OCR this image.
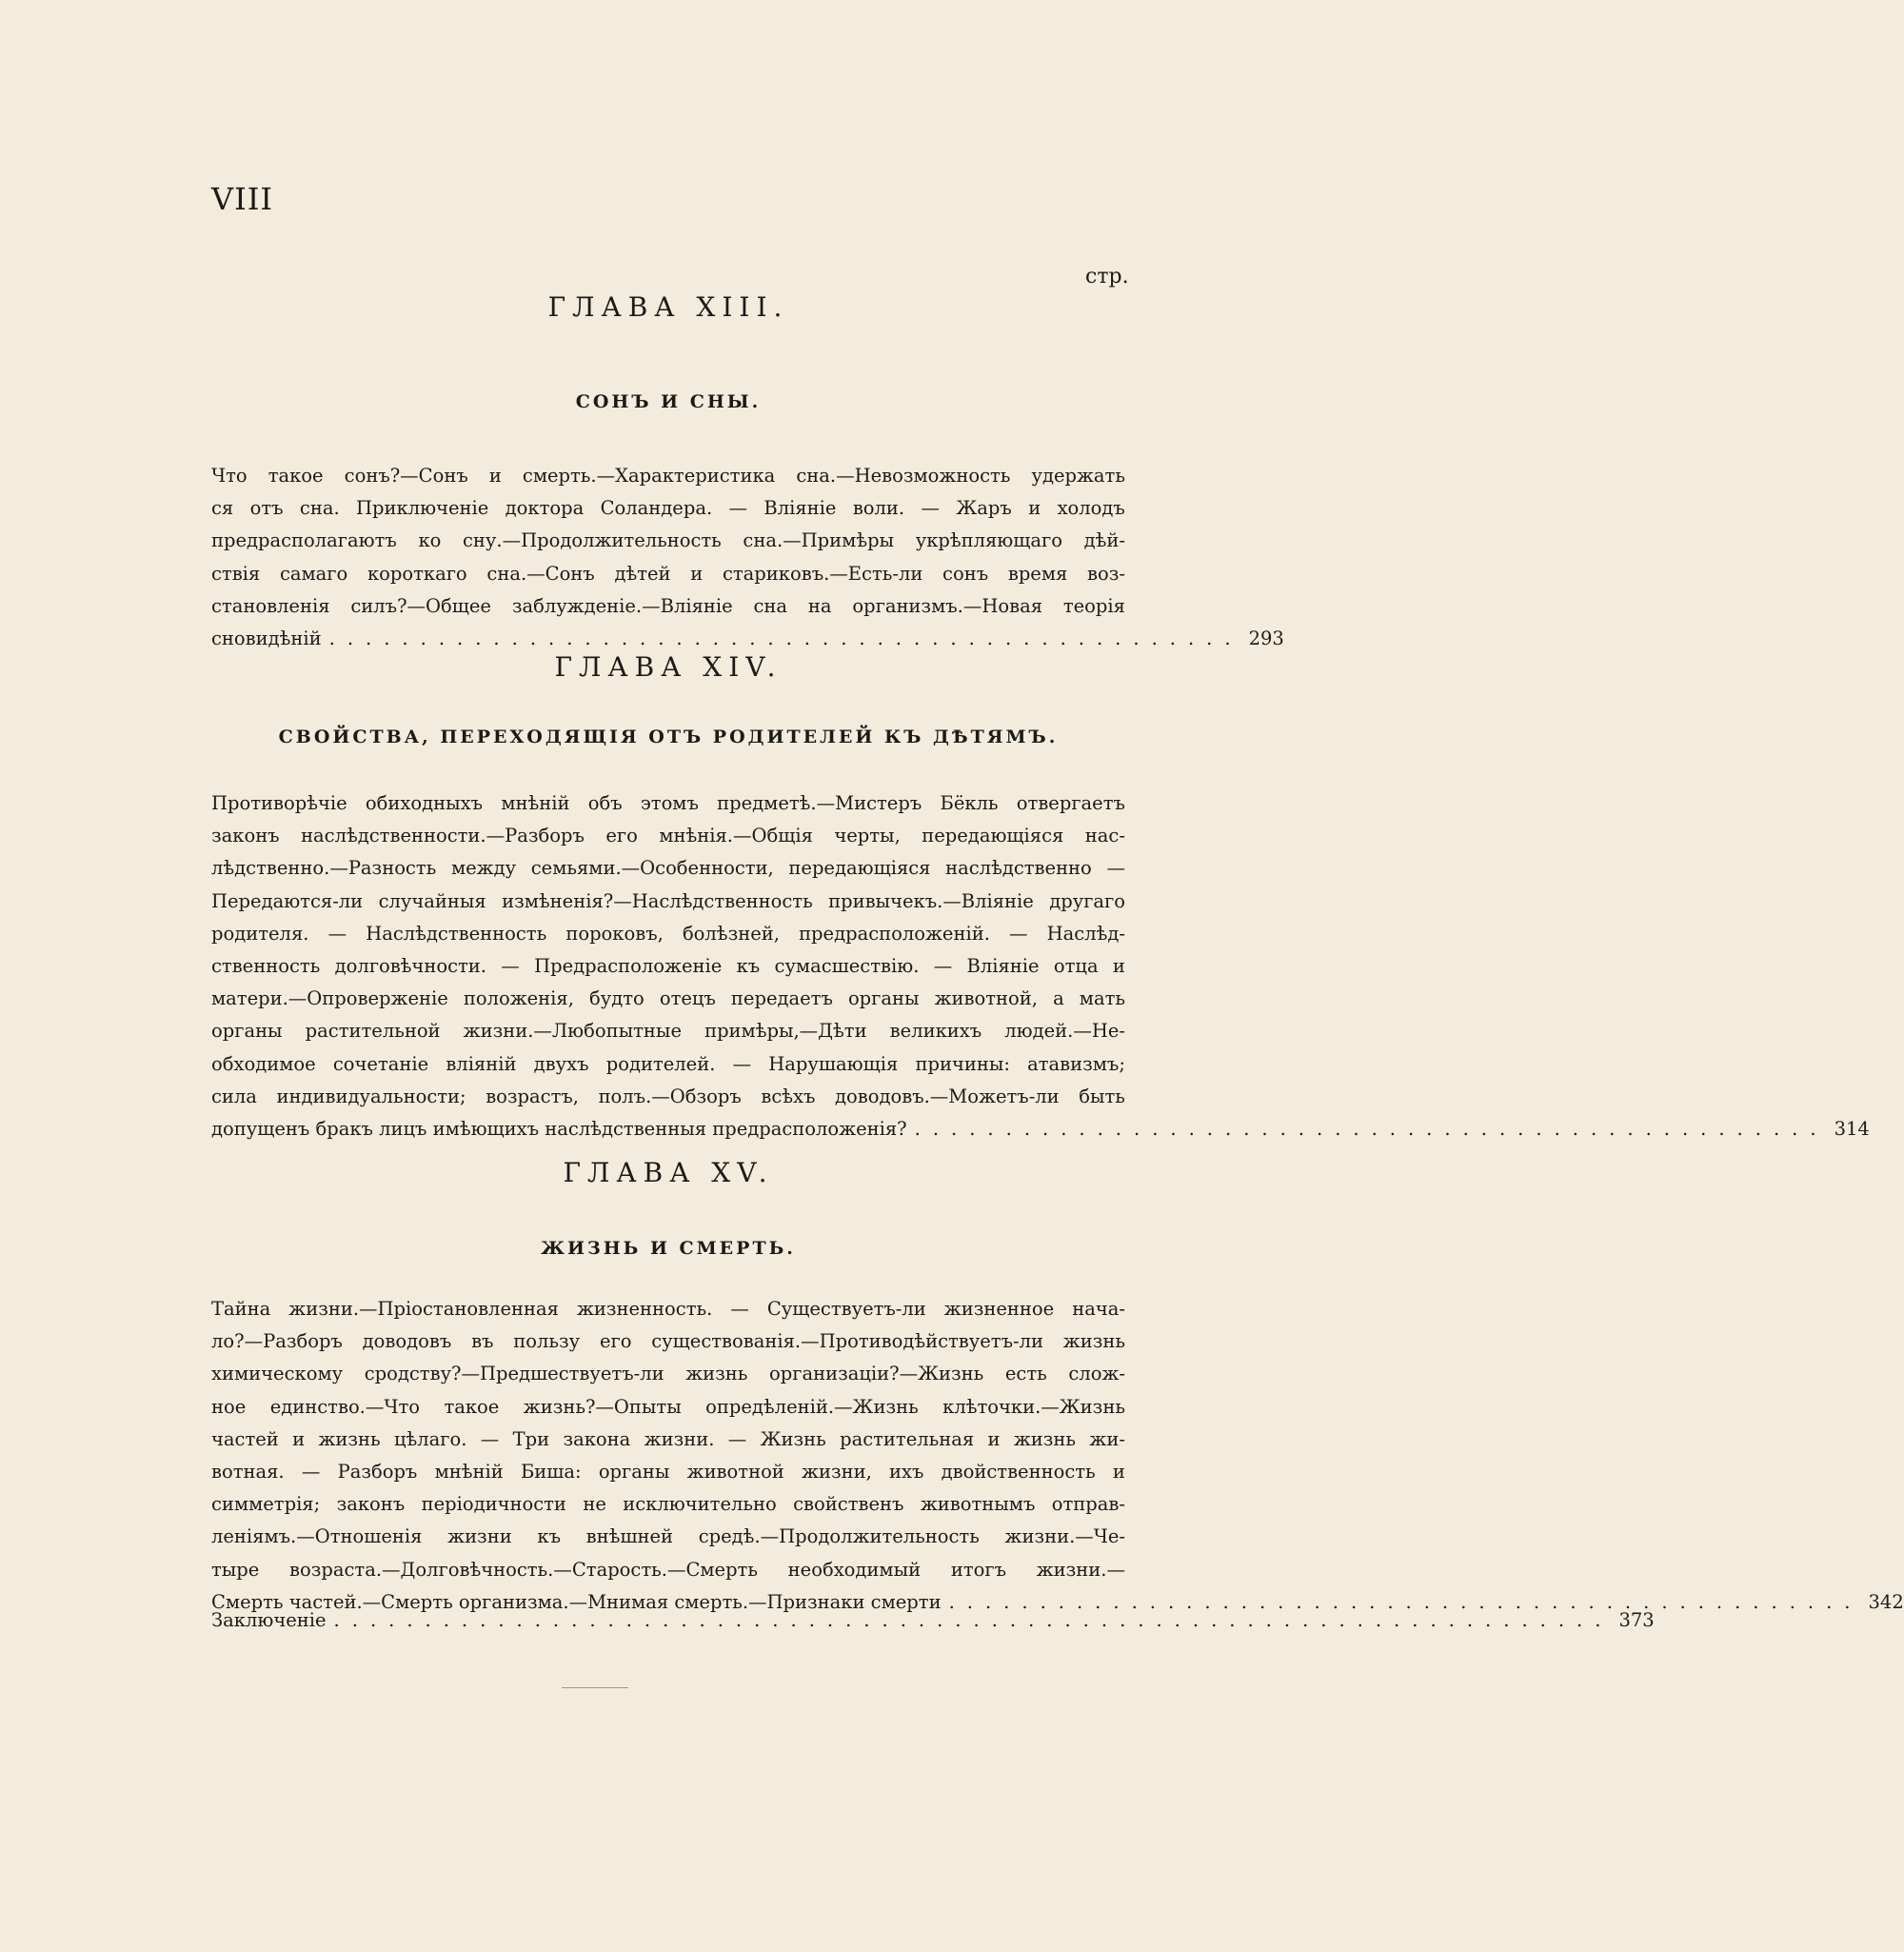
VIII
стр.
ГЛАВА XIII.
СОНЪ И СНЫ.
Что такое сонъ?—Сонъ и смерть.—Характеристика сна.—Невозможность удержать
ся отъ сна. Приключеніе доктора Соландера. — Вліяніе воли. — Жаръ и холодъ
предрасполагаютъ ко сну.—Продолжительность сна.—Примѣры укрѣпляющаго дѣй-
ствія самаго короткаго сна.—Сонъ дѣтей и стариковъ.—Есть-ли сонъ время воз-
становленія силъ?—Общее заблужденіе.—Вліяніе сна на организмъ.—Новая теорія
сновидѣній .................................................. 293
ГЛАВА XIV.
СВОЙСТВА, ПЕРЕХОДЯЩІЯ ОТЪ РОДИТЕЛЕЙ КЪ ДѢТЯМЪ.
Противорѣчіе обиходныхъ мнѣній объ этомъ предметѣ.—Мистеръ Бёкль отвергаетъ
законъ наслѣдственности.—Разборъ его мнѣнія.—Общія черты, передающіяся нас-
лѣдственно.—Разность между семьями.—Особенности, передающіяся наслѣдственно —
Передаются-ли случайныя измѣненія?—Наслѣдственность привычекъ.—Вліяніе другаго
родителя. — Наслѣдственность пороковъ, болѣзней, предрасположеній. — Наслѣд-
ственность долговѣчности. — Предрасположеніе къ сумасшествію. — Вліяніе отца и
матери.—Опроверженіе положенія, будто отецъ передаетъ органы животной, а мать
органы растительной жизни.—Любопытные примѣры,—Дѣти великихъ людей.—Не-
обходимое сочетаніе вліяній двухъ родителей. — Нарушающія причины: атавизмъ;
сила индивидуальности; возрастъ, полъ.—Обзоръ всѣхъ доводовъ.—Можетъ-ли быть
допущенъ бракъ лицъ имѣющихъ наслѣдственныя предрасположенія? .................................................. 314
ГЛАВА XV.
ЖИЗНЬ И СМЕРТЬ.
Тайна жизни.—Пріостановленная жизненность. — Существуетъ-ли жизненное нача-
ло?—Разборъ доводовъ въ пользу его существованія.—Противодѣйствуетъ-ли жизнь
химическому сродству?—Предшествуетъ-ли жизнь организаціи?—Жизнь есть слож-
ное единство.—Что такое жизнь?—Опыты опредѣленій.—Жизнь клѣточки.—Жизнь
частей и жизнь цѣлаго. — Три закона жизни. — Жизнь растительная и жизнь жи-
вотная. — Разборъ мнѣній Биша: органы животной жизни, ихъ двойственность и
симметрія; законъ періодичности не исключительно свойственъ животнымъ отправ-
леніямъ.—Отношенія жизни къ внѣшней средѣ.—Продолжительность жизни.—Че-
тыре возраста.—Долговѣчность.—Старость.—Смерть необходимый итогъ жизни.—
Смерть частей.—Смерть организма.—Мнимая смерть.—Признаки смерти .................................................. 342
Заключеніе ...................................................................... 373
